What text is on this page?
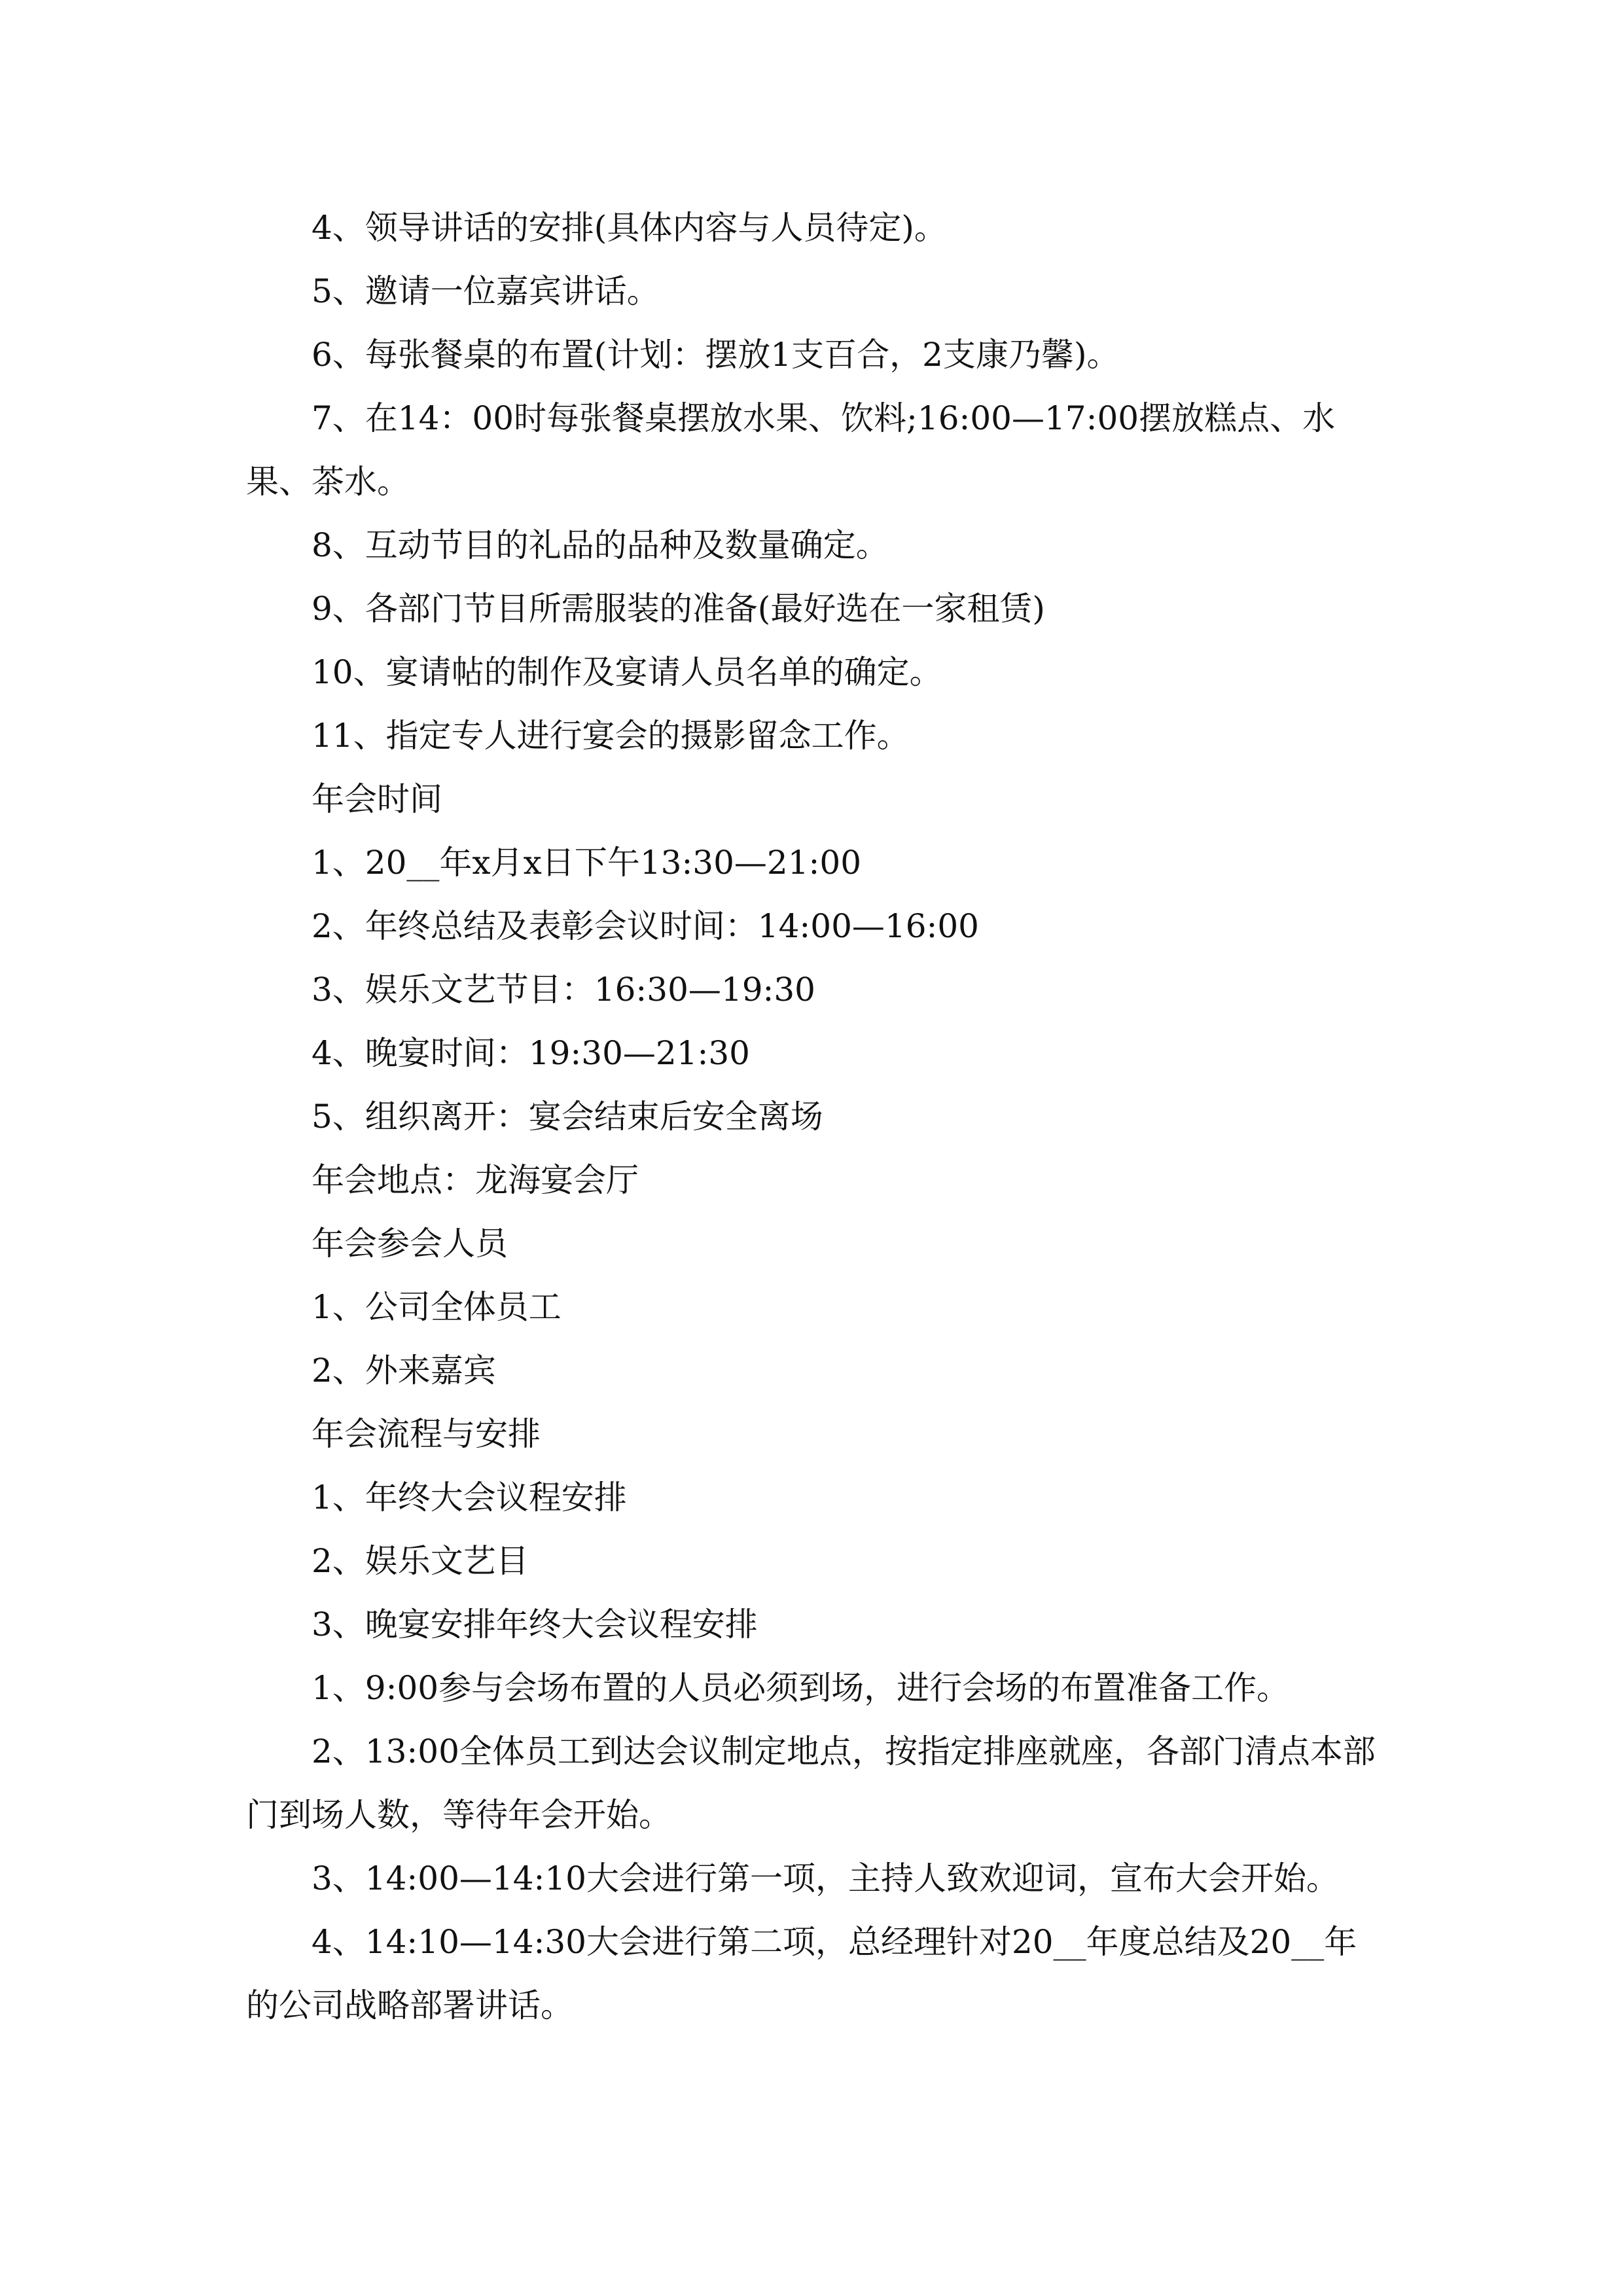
4、领导讲话的安排(具体内容与人员待定)。

5、邀请一位嘉宾讲话。

6、每张餐桌的布置(计划：摆放1支百合，2支康乃馨)。

7、在14：00时每张餐桌摆放水果、饮料;16:00—17:00摆放糕点、水果、茶水。

8、互动节目的礼品的品种及数量确定。

9、各部门节目所需服装的准备(最好选在一家租赁)

10、宴请帖的制作及宴请人员名单的确定。

11、指定专人进行宴会的摄影留念工作。

年会时间

1、20__年x月x日下午13:30—21:00

2、年终总结及表彰会议时间：14:00—16:00

3、娱乐文艺节目：16:30—19:30

4、晚宴时间：19:30—21:30

5、组织离开：宴会结束后安全离场

年会地点：龙海宴会厅

年会参会人员

1、公司全体员工

2、外来嘉宾

年会流程与安排

1、年终大会议程安排

2、娱乐文艺目

3、晚宴安排年终大会议程安排

1、9:00参与会场布置的人员必须到场，进行会场的布置准备工作。

2、13:00全体员工到达会议制定地点，按指定排座就座，各部门清点本部门到场人数，等待年会开始。

3、14:00—14:10大会进行第一项，主持人致欢迎词，宣布大会开始。

4、14:10—14:30大会进行第二项，总经理针对20__年度总结及20__年的公司战略部署讲话。
